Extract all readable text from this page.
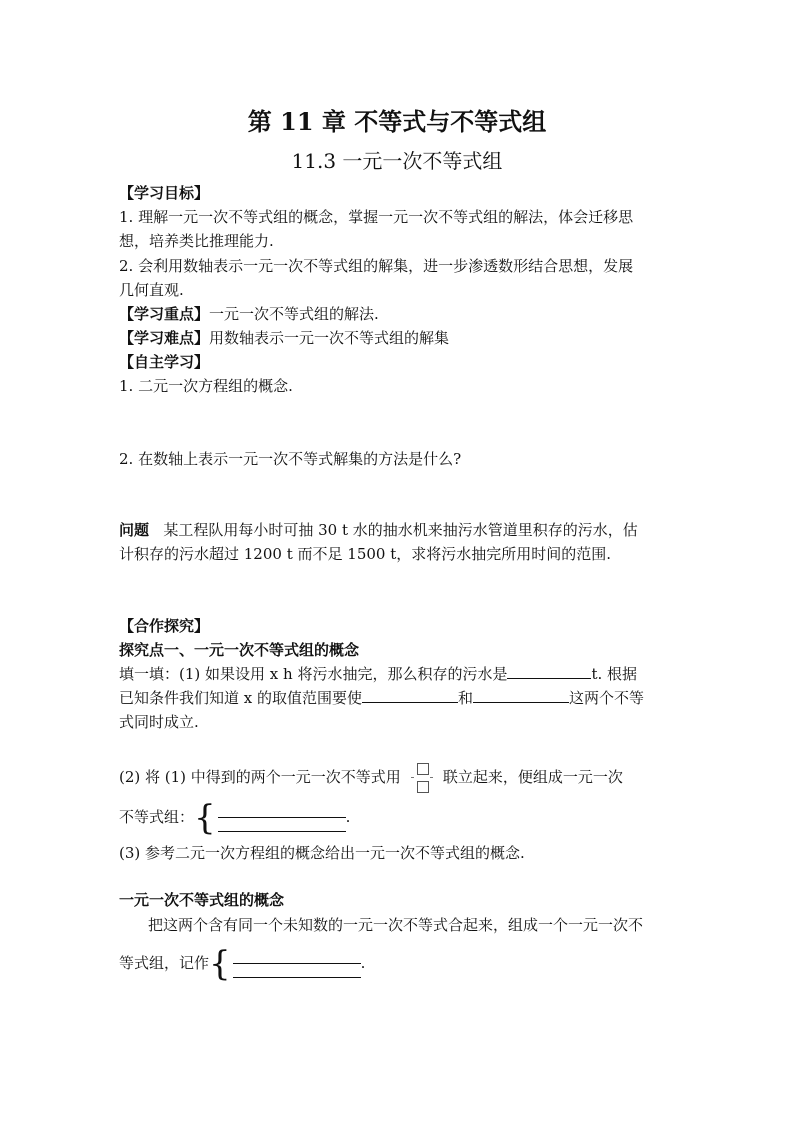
第 11 章 不等式与不等式组
11.3 一元一次不等式组
【学习目标】
1. 理解一元一次不等式组的概念，掌握一元一次不等式组的解法，体会迁移思
想，培养类比推理能力.
2. 会利用数轴表示一元一次不等式组的解集，进一步渗透数形结合思想，发展
几何直观.
【学习重点】一元一次不等式组的解法.
【学习难点】用数轴表示一元一次不等式组的解集
【自主学习】
1. 二元一次方程组的概念.
2. 在数轴上表示一元一次不等式解集的方法是什么?
问题 某工程队用每小时可抽 30 t 水的抽水机来抽污水管道里积存的污水，估
计积存的污水超过 1200 t 而不足 1500 t，求将污水抽完所用时间的范围.
【合作探究】
探究点一、一元一次不等式组的概念
填一填：(1) 如果设用 x h 将污水抽完，那么积存的污水是	t. 根据
已知条件我们知道 x 的取值范围要使	和	这两个不等
式同时成立.
(2) 将 (1) 中得到的两个一元一次不等式用	联立起来，便组成一元一次
不等式组：{	.
(3) 参考二元一次方程组的概念给出一元一次不等式组的概念.
一元一次不等式组的概念
把这两个含有同一个未知数的一元一次不等式合起来，组成一个一元一次不
等式组，记作{	.
